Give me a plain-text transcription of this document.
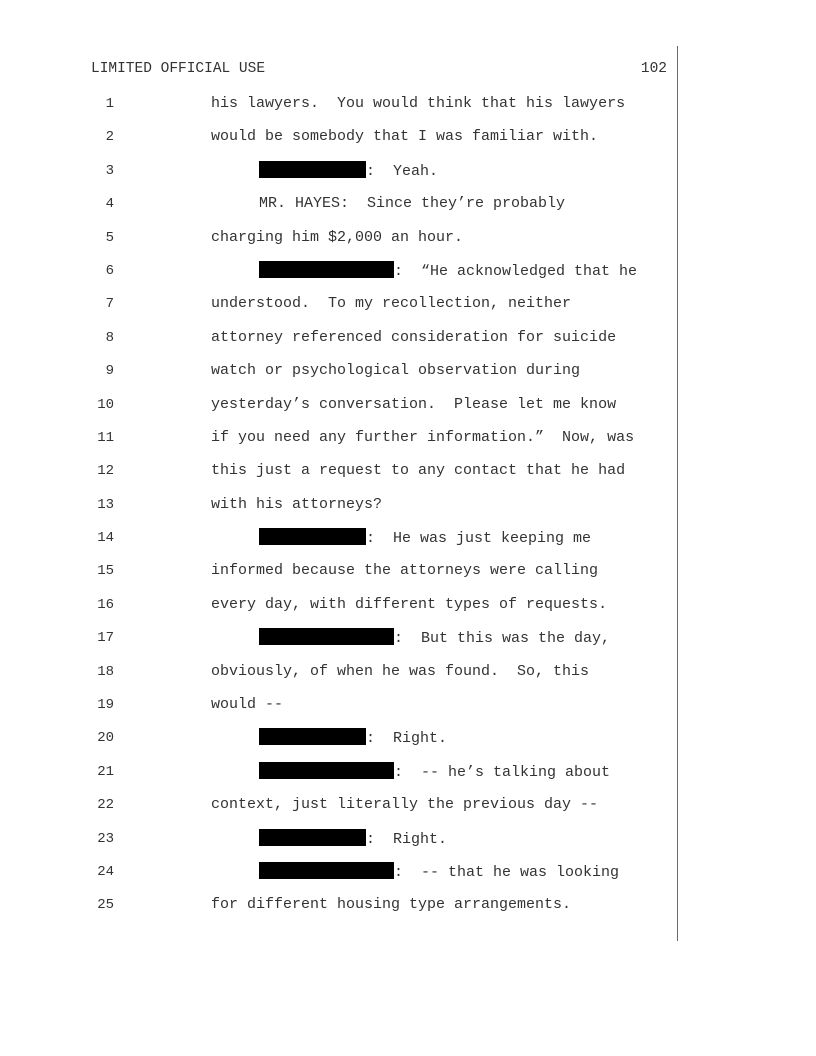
LIMITED OFFICIAL USE	102
1	his lawyers.  You would think that his lawyers
2	would be somebody that I was familiar with.
3	:  Yeah.
4	MR. HAYES:  Since they’re probably
5	charging him $2,000 an hour.
6	:  “He acknowledged that he
7	understood.  To my recollection, neither
8	attorney referenced consideration for suicide
9	watch or psychological observation during
10	yesterday’s conversation.  Please let me know
11	if you need any further information.”  Now, was
12	this just a request to any contact that he had
13	with his attorneys?
14	:  He was just keeping me
15	informed because the attorneys were calling
16	every day, with different types of requests.
17	:  But this was the day,
18	obviously, of when he was found.  So, this
19	would --
20	:  Right.
21	:  -- he’s talking about
22	context, just literally the previous day --
23	:  Right.
24	:  -- that he was looking
25	for different housing type arrangements.
